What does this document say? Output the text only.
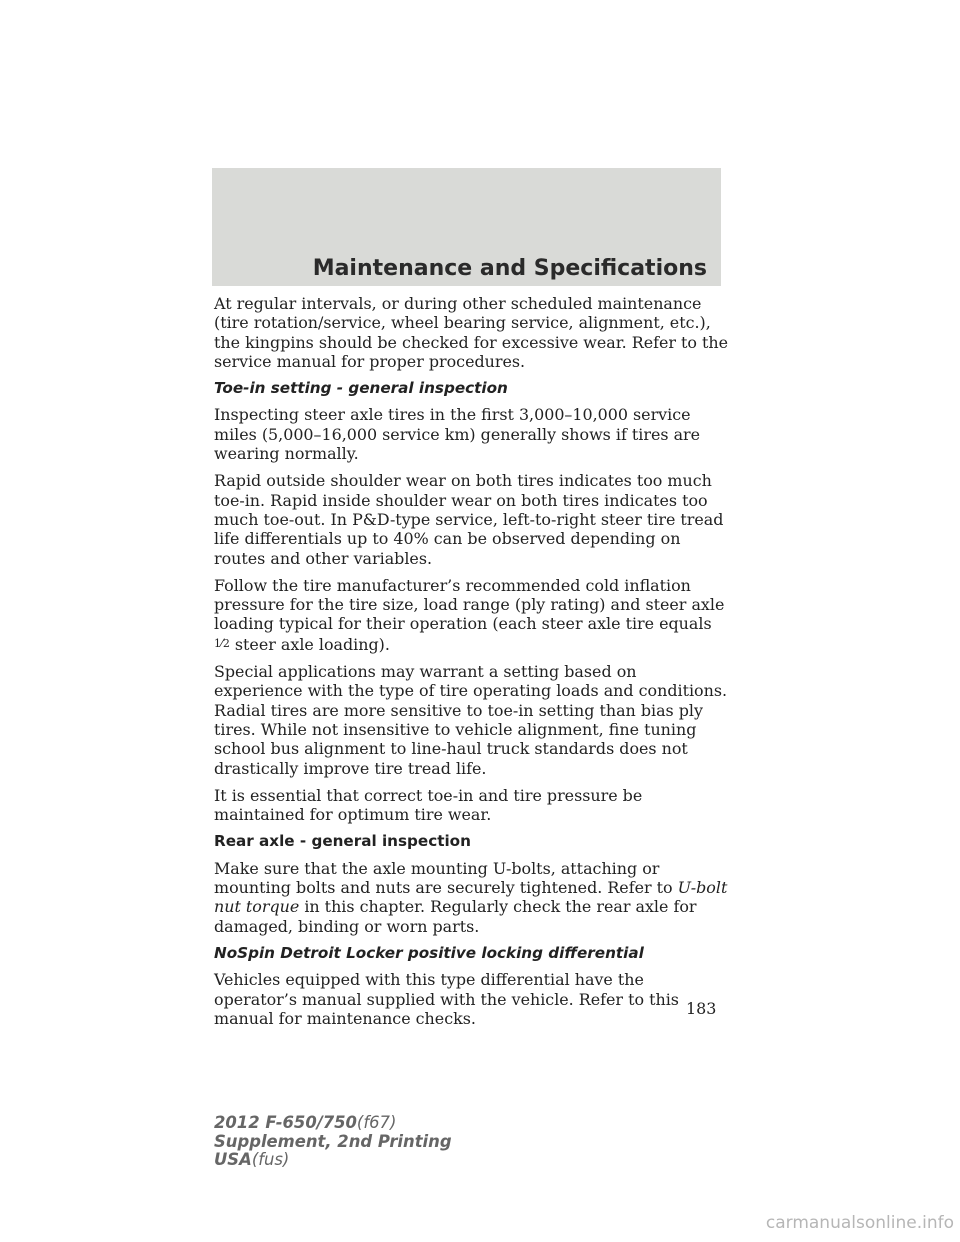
Maintenance and Specifications

At regular intervals, or during other scheduled maintenance (tire rotation/service, wheel bearing service, alignment, etc.), the kingpins should be checked for excessive wear. Refer to the service manual for proper procedures.

Toe-in setting - general inspection

Inspecting steer axle tires in the first 3,000–10,000 service miles (5,000–16,000 service km) generally shows if tires are wearing normally.

Rapid outside shoulder wear on both tires indicates too much toe-in. Rapid inside shoulder wear on both tires indicates too much toe-out. In P&D-type service, left-to-right steer tire tread life differentials up to 40% can be observed depending on routes and other variables.

Follow the tire manufacturer’s recommended cold inflation pressure for the tire size, load range (ply rating) and steer axle loading typical for their operation (each steer axle tire equals 1⁄2 steer axle loading).

Special applications may warrant a setting based on experience with the type of tire operating loads and conditions. Radial tires are more sensitive to toe-in setting than bias ply tires. While not insensitive to vehicle alignment, fine tuning school bus alignment to line-haul truck standards does not drastically improve tire tread life.

It is essential that correct toe-in and tire pressure be maintained for optimum tire wear.

Rear axle - general inspection

Make sure that the axle mounting U-bolts, attaching or mounting bolts and nuts are securely tightened. Refer to U-bolt nut torque in this chapter. Regularly check the rear axle for damaged, binding or worn parts.

NoSpin Detroit Locker positive locking differential

Vehicles equipped with this type differential have the operator’s manual supplied with the vehicle. Refer to this manual for maintenance checks.

183

2012 F-650/750(f67)
Supplement, 2nd Printing
USA(fus)
carmanualsonline.info
